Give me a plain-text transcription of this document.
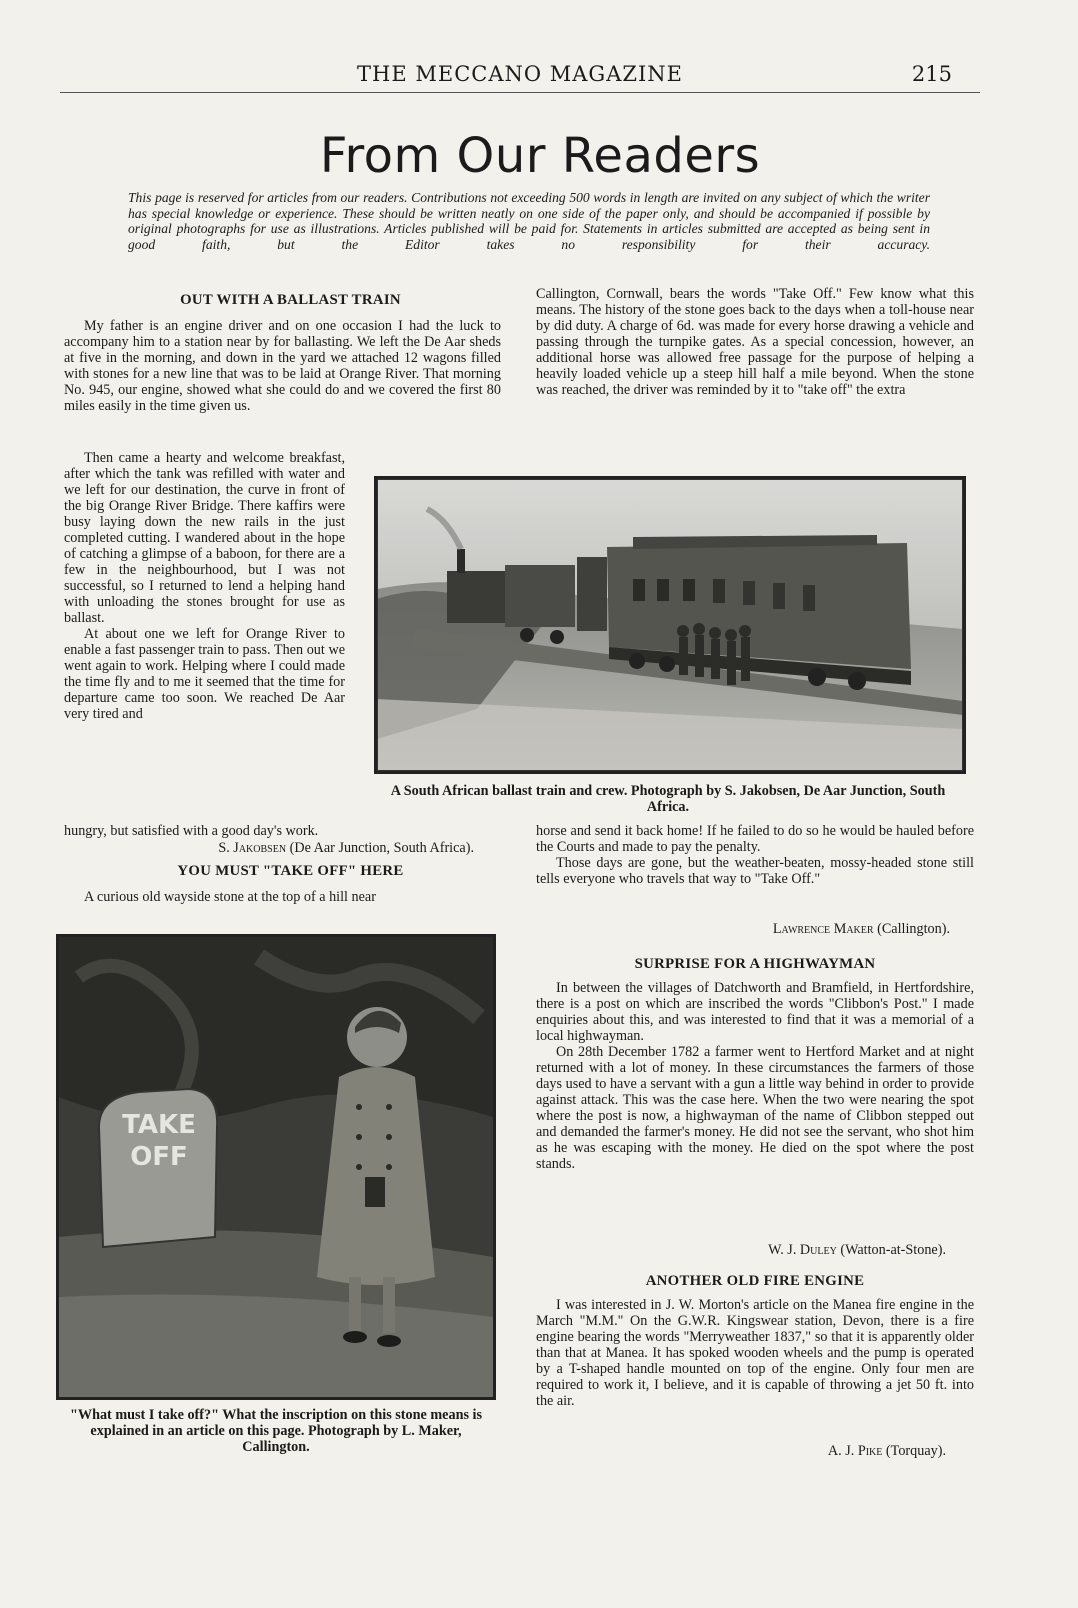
THE MECCANO MAGAZINE	215
From Our Readers
This page is reserved for articles from our readers. Contributions not exceeding 500 words in length are invited on any subject of which the writer has special knowledge or experience. These should be written neatly on one side of the paper only, and should be accompanied if possible by original photographs for use as illustrations. Articles published will be paid for. Statements in articles submitted are accepted as being sent in good faith, but the Editor takes no responsibility for their accuracy.
OUT WITH A BALLAST TRAIN

My father is an engine driver and on one occasion I had the luck to accompany him to a station near by for ballasting. We left the De Aar sheds at five in the morning, and down in the yard we attached 12 wagons filled with stones for a new line that was to be laid at Orange River. That morning No. 945, our engine, showed what she could do and we covered the first 80 miles easily in the time given us.

Then came a hearty and welcome breakfast, after which the tank was refilled with water and we left for our destination, the curve in front of the big Orange River Bridge. There kaffirs were busy laying down the new rails in the just completed cutting. I wandered about in the hope of catching a glimpse of a baboon, for there are a few in the neighbourhood, but I was not successful, so I returned to lend a helping hand with unloading the stones brought for use as ballast.

At about one we left for Orange River to enable a fast passenger train to pass. Then out we went again to work. Helping where I could made the time fly and to me it seemed that the time for departure came too soon. We reached De Aar very tired and

hungry, but satisfied with a good day's work.

S. Jakobsen (De Aar Junction, South Africa).
YOU MUST "TAKE OFF" HERE

A curious old wayside stone at the top of a hill near

Callington, Cornwall, bears the words "Take Off." Few know what this means. The history of the stone goes back to the days when a toll-house near by did duty. A charge of 6d. was made for every horse drawing a vehicle and passing through the turnpike gates. As a special concession, however, an additional horse was allowed free passage for the purpose of helping a heavily loaded vehicle up a steep hill half a mile beyond. When the stone was reached, the driver was reminded by it to "take off" the extra

A South African ballast train and crew. Photograph by S. Jakobsen, De Aar Junction, South Africa.

horse and send it back home! If he failed to do so he would be hauled before the Courts and made to pay the penalty.

Those days are gone, but the weather-beaten, mossy-headed stone still tells everyone who travels that way to "Take Off."

Lawrence Maker (Callington).
TAKE
OFF
"What must I take off?" What the inscription on this stone means is explained in an article on this page. Photograph by L. Maker, Callington.
SURPRISE FOR A HIGHWAYMAN

In between the villages of Datchworth and Bramfield, in Hertfordshire, there is a post on which are inscribed the words "Clibbon's Post." I made enquiries about this, and was interested to find that it was a memorial of a local highwayman.

On 28th December 1782 a farmer went to Hertford Market and at night returned with a lot of money. In these circumstances the farmers of those days used to have a servant with a gun a little way behind in order to provide against attack. This was the case here. When the two were nearing the spot where the post is now, a highwayman of the name of Clibbon stepped out and demanded the farmer's money. He did not see the servant, who shot him as he was escaping with the money. He died on the spot where the post stands.

W. J. Duley (Watton-at-Stone).
ANOTHER OLD FIRE ENGINE

I was interested in J. W. Morton's article on the Manea fire engine in the March "M.M." On the G.W.R. Kingswear station, Devon, there is a fire engine bearing the words "Merryweather 1837," so that it is apparently older than that at Manea. It has spoked wooden wheels and the pump is operated by a T-shaped handle mounted on top of the engine. Only four men are required to work it, I believe, and it is capable of throwing a jet 50 ft. into the air.

A. J. Pike (Torquay).
